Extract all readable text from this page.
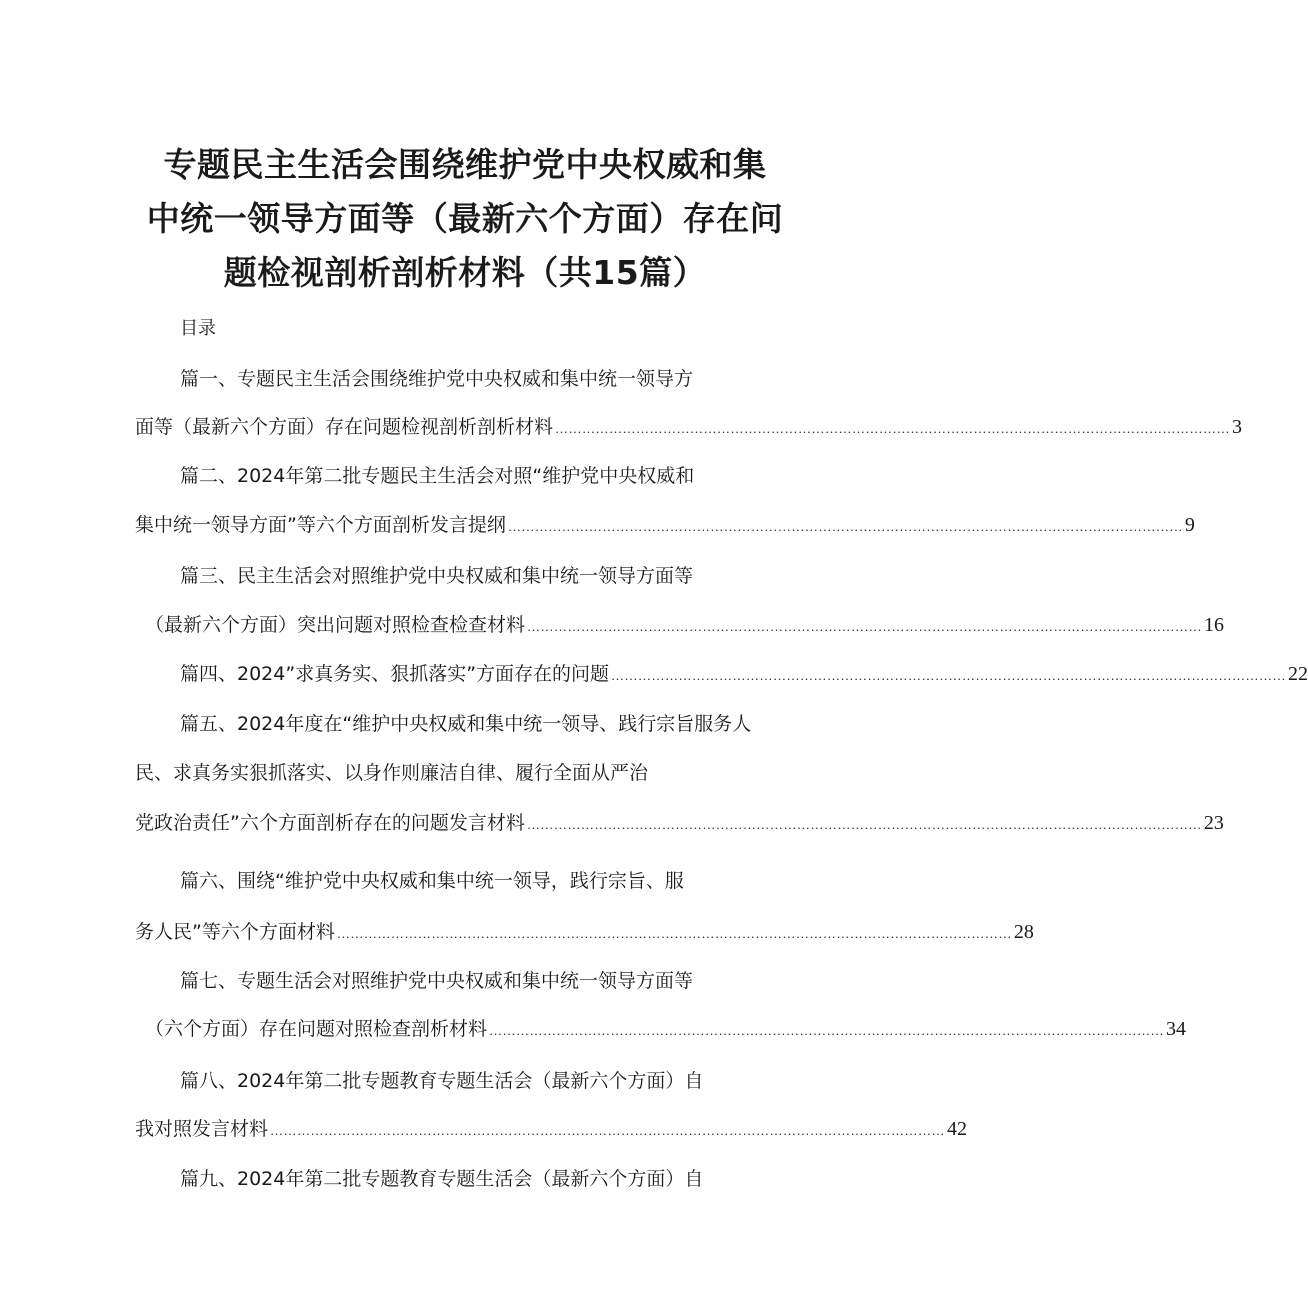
专题民主生活会围绕维护党中央权威和集
中统一领导方面等（最新六个方面）存在问
题检视剖析剖析材料（共15篇）
目录
篇一、专题民主生活会围绕维护党中央权威和集中统一领导方
面等（最新六个方面）存在问题检视剖析剖析材料 …………………………………………………………………………………………………………………………………… 3
篇二、2024年第二批专题民主生活会对照“维护党中央权威和
集中统一领导方面”等六个方面剖析发言提纲 …………………………………………………………………………………………………………………………………… 9
篇三、民主生活会对照维护党中央权威和集中统一领导方面等
（最新六个方面）突出问题对照检查检查材料 …………………………………………………………………………………………………………………………………… 16
篇四、2024”求真务实、狠抓落实”方面存在的问题 …………………………………………………………………………………………………………………………………… 22
篇五、2024年度在“维护中央权威和集中统一领导、践行宗旨服务人
民、求真务实狠抓落实、以身作则廉洁自律、履行全面从严治
党政治责任”六个方面剖析存在的问题发言材料 …………………………………………………………………………………………………………………………………… 23
篇六、围绕“维护党中央权威和集中统一领导，践行宗旨、服
务人民”等六个方面材料 …………………………………………………………………………………………………………………………………… 28
篇七、专题生活会对照维护党中央权威和集中统一领导方面等
（六个方面）存在问题对照检查剖析材料 …………………………………………………………………………………………………………………………………… 34
篇八、2024年第二批专题教育专题生活会（最新六个方面）自
我对照发言材料 …………………………………………………………………………………………………………………………………… 42
篇九、2024年第二批专题教育专题生活会（最新六个方面）自
